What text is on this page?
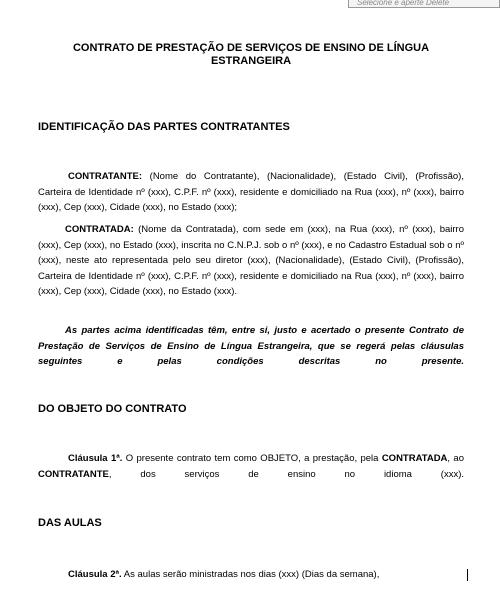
Selecione e aperte Delete
CONTRATO DE PRESTAÇÃO DE SERVIÇOS DE ENSINO DE LÍNGUA ESTRANGEIRA
IDENTIFICAÇÃO DAS PARTES CONTRATANTES

CONTRATANTE: (Nome do Contratante), (Nacionalidade), (Estado Civil), (Profissão), Carteira de Identidade nº (xxx), C.P.F. nº (xxx), residente e domiciliado na Rua (xxx), nº (xxx), bairro (xxx), Cep (xxx), Cidade (xxx), no Estado (xxx);

CONTRATADA: (Nome da Contratada), com sede em (xxx), na Rua (xxx), nº (xxx), bairro (xxx), Cep (xxx), no Estado (xxx), inscrita no C.N.P.J. sob o nº (xxx), e no Cadastro Estadual sob o nº (xxx), neste ato representada pelo seu diretor (xxx), (Nacionalidade), (Estado Civil), (Profissão), Carteira de Identidade nº (xxx), C.P.F. nº (xxx), residente e domiciliado na Rua (xxx), nº (xxx), bairro (xxx), Cep (xxx), Cidade (xxx), no Estado (xxx).

As partes acima identificadas têm, entre si, justo e acertado o presente Contrato de Prestação de Serviços de Ensino de Língua Estrangeira, que se regerá pelas cláusulas seguintes e pelas condições descritas no presente.

DO OBJETO DO CONTRATO

Cláusula 1ª. O presente contrato tem como OBJETO, a prestação, pela CONTRATADA, ao CONTRATANTE, dos serviços de ensino no idioma (xxx).

DAS AULAS

Cláusula 2ª. As aulas serão ministradas nos dias (xxx) (Dias da semana),
